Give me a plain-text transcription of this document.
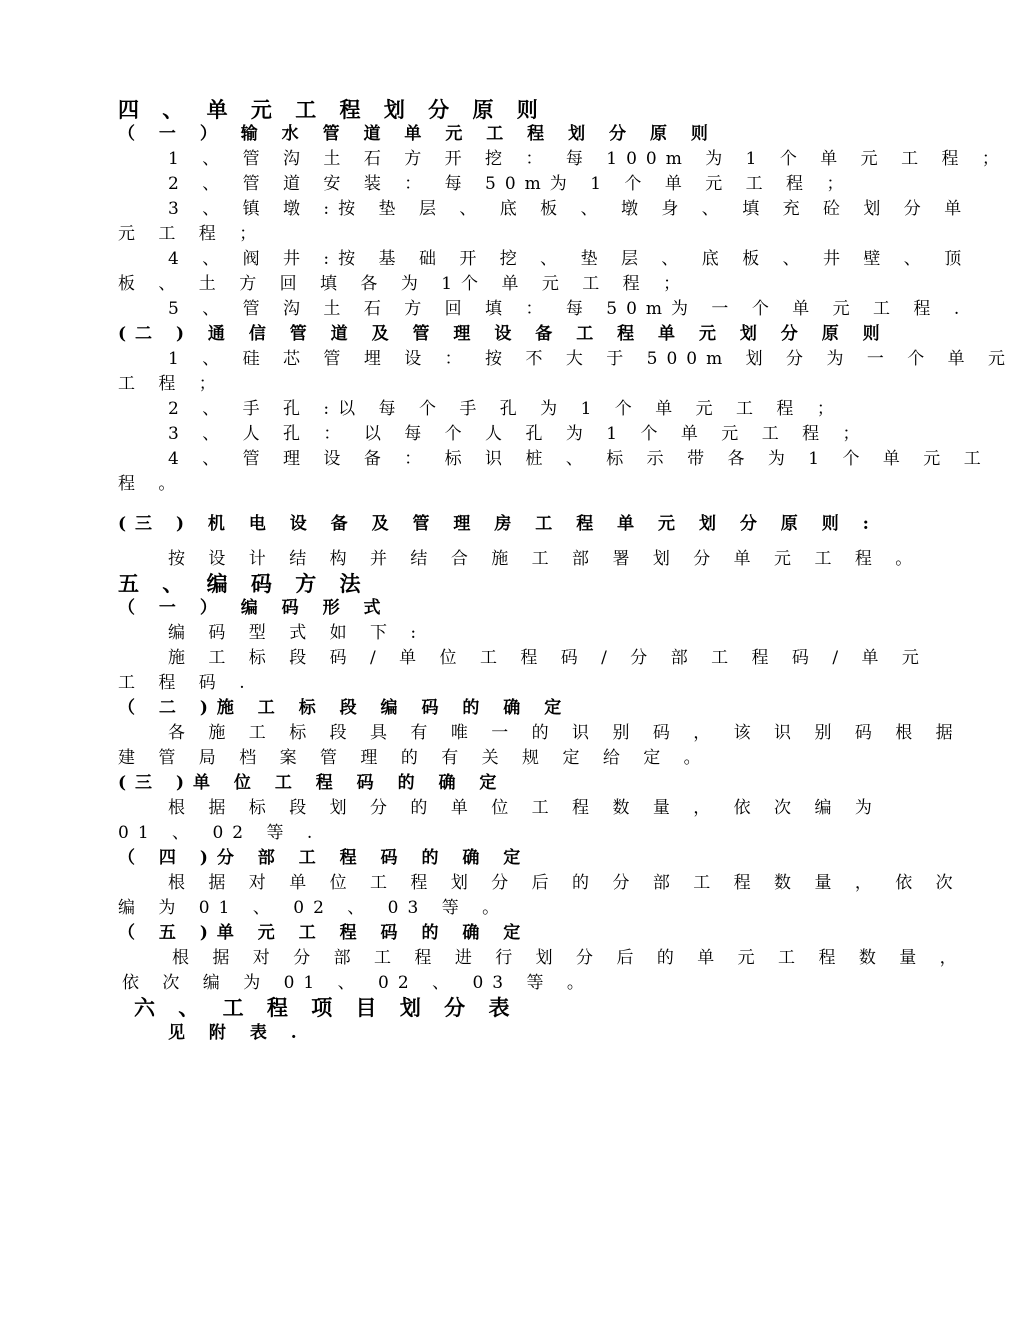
四 、 单 元 工 程 划 分 原 则
（ 一 ） 输 水 管 道 单 元 工 程 划 分 原 则
1 、 管 沟 土 石 方 开 挖 ： 每 100m 为 1 个 单 元 工 程 ；
2 、 管 道 安 装 ： 每 50m为 1 个 单 元 工 程 ；
3 、 镇 墩 :按 垫 层 、 底 板 、 墩 身 、 填 充 砼 划 分 单
元 工 程 ；
4 、 阀 井 :按 基 础 开 挖 、 垫 层 、 底 板 、 井 壁 、 顶
板 、 土 方 回 填 各 为 1个 单 元 工 程 ；
5 、 管 沟 土 石 方 回 填 ： 每 50m为 一 个 单 元 工 程 .
(二 ) 通 信 管 道 及 管 理 设 备 工 程 单 元 划 分 原 则
1 、 硅 芯 管 埋 设 ： 按 不 大 于 500m 划 分 为 一 个 单 元
工 程 ；
2 、 手 孔 :以 每 个 手 孔 为 1 个 单 元 工 程 ；
3 、 人 孔 ： 以 每 个 人 孔 为 1 个 单 元 工 程 ；
4 、 管 理 设 备 ： 标 识 桩 、 标 示 带 各 为 1 个 单 元 工
程 。
(三 ) 机 电 设 备 及 管 理 房 工 程 单 元 划 分 原 则 :
按 设 计 结 构 并 结 合 施 工 部 署 划 分 单 元 工 程 。
五 、 编 码 方 法
（ 一 ） 编 码 形 式
编 码 型 式 如 下 :
施 工 标 段 码 / 单 位 工 程 码 / 分 部 工 程 码 / 单 元
工 程 码 .
（ 二 )施 工 标 段 编 码 的 确 定
各 施 工 标 段 具 有 唯 一 的 识 别 码 ， 该 识 别 码 根 据
建 管 局 档 案 管 理 的 有 关 规 定 给 定 。
(三 )单 位 工 程 码 的 确 定
根 据 标 段 划 分 的 单 位 工 程 数 量 ， 依 次 编 为
01 、 02 等 .
（ 四 )分 部 工 程 码 的 确 定
根 据 对 单 位 工 程 划 分 后 的 分 部 工 程 数 量 ， 依 次
编 为 01 、 02 、 03 等 。
（ 五 )单 元 工 程 码 的 确 定
根 据 对 分 部 工 程 进 行 划 分 后 的 单 元 工 程 数 量 ，
依 次 编 为 01 、 02 、 03 等 。
六 、 工 程 项 目 划 分 表
见 附 表 .
